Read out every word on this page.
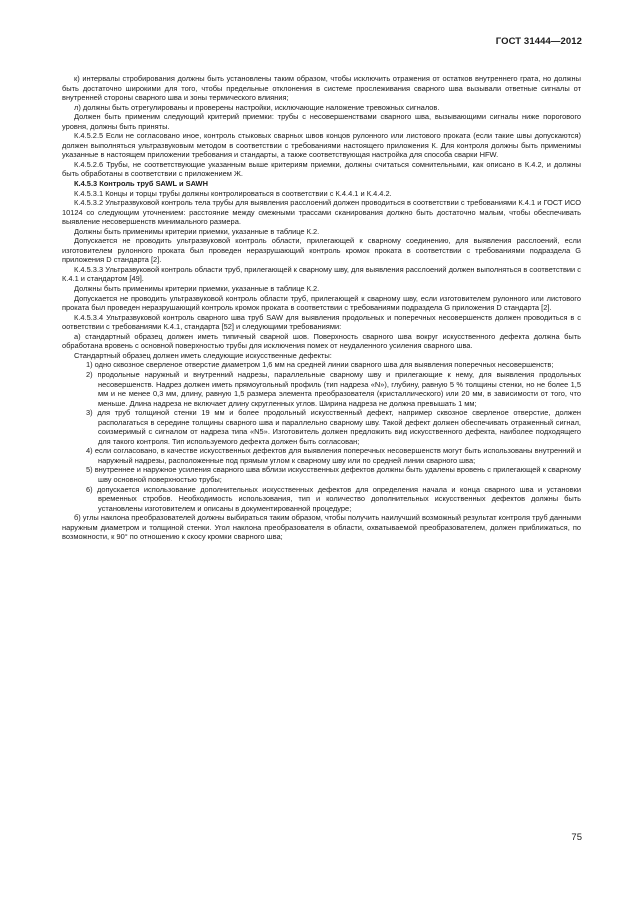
ГОСТ 31444—2012

к) интервалы стробирования должны быть установлены таким образом, чтобы исключить отражения от остатков внутреннего грата, но должны быть достаточно широкими для того, чтобы предельные отклонения в системе прослеживания сварного шва вызывали ответные сигналы от внутренней стороны сварного шва и зоны термического влияния;

л) должны быть отрегулированы и проверены настройки, исключающие наложение тревожных сигналов.

Должен быть применим следующий критерий приемки: трубы с несовершенствами сварного шва, вызывающими сигналы ниже порогового уровня, должны быть приняты.

К.4.5.2.5 Если не согласовано иное, контроль стыковых сварных швов концов рулонного или листового проката (если такие швы допускаются) должен выполняться ультразвуковым методом в соответствии с требованиями настоящего приложения К. Для контроля должны быть применимы указанные в настоящем приложении требования и стандарты, а также соответствующая настройка для способа сварки HFW.

К.4.5.2.6 Трубы, не соответствующие указанным выше критериям приемки, должны считаться сомнительными, как описано в К.4.2, и должны быть обработаны в соответствии с приложением Ж.

К.4.5.3 Контроль труб SAWL и SAWH

К.4.5.3.1 Концы и торцы трубы должны контролироваться в соответствии с К.4.4.1 и К.4.4.2.

К.4.5.3.2 Ультразвуковой контроль тела трубы для выявления расслоений должен проводиться в соответствии с требованиями К.4.1 и ГОСТ ИСО 10124 со следующим уточнением: расстояние между смежными трассами сканирования должно быть достаточно малым, чтобы обеспечивать выявление несовершенств минимального размера.

Должны быть применимы критерии приемки, указанные в таблице К.2.

Допускается не проводить ультразвуковой контроль области, прилегающей к сварному соединению, для выявления расслоений, если изготовителем рулонного проката был проведен неразрушающий контроль кромок проката в соответствии с требованиями подраздела G приложения D стандарта [2].

К.4.5.3.3 Ультразвуковой контроль области труб, прилегающей к сварному шву, для выявления расслоений должен выполняться в соответствии с К.4.1 и стандартом [49].

Должны быть применимы критерии приемки, указанные в таблице К.2.

Допускается не проводить ультразвуковой контроль области труб, прилегающей к сварному шву, если изготовителем рулонного или листового проката был проведен неразрушающий контроль кромок проката в соответствии с требованиями подраздела G приложения D стандарта [2].

К.4.5.3.4 Ультразвуковой контроль сварного шва труб SAW для выявления продольных и поперечных несовершенств должен проводиться в с оответствии с требованиями К.4.1, стандарта [52] и следующими требованиями:

а) стандартный образец должен иметь типичный сварной шов. Поверхность сварного шва вокруг искусственного дефекта должна быть обработана вровень с основной поверхностью трубы для исключения помех от неудаленного усиления сварного шва.

Стандартный образец должен иметь следующие искусственные дефекты:

1) одно сквозное сверленое отверстие диаметром 1,6 мм на средней линии сварного шва для выявления поперечных несовершенств;

2) продольные наружный и внутренний надрезы, параллельные сварному шву и прилегающие к нему, для выявления продольных несовершенств. Надрез должен иметь прямоугольный профиль (тип надреза «N»), глубину, равную 5 % толщины стенки, но не более 1,5 мм и не менее 0,3 мм, длину, равную 1,5 размера элемента преобразователя (кристаллического) или 20 мм, в зависимости от того, что меньше. Длина надреза не включает длину скругленных углов. Ширина надреза не должна превышать 1 мм;

3) для труб толщиной стенки 19 мм и более продольный искусственный дефект, например сквозное сверленое отверстие, должен располагаться в середине толщины сварного шва и параллельно сварному шву. Такой дефект должен обеспечивать отраженный сигнал, соизмеримый с сигналом от надреза типа «N5». Изготовитель должен предложить вид искусственного дефекта, наиболее подходящего для такого контроля. Тип используемого дефекта должен быть согласован;

4) если согласовано, в качестве искусственных дефектов для выявления поперечных несовершенств могут быть использованы внутренний и наружный надрезы, расположенные под прямым углом к сварному шву или по средней линии сварного шва;

5) внутреннее и наружное усиления сварного шва вблизи искусственных дефектов должны быть удалены вровень с прилегающей к сварному шву основной поверхностью трубы;

6) допускается использование дополнительных искусственных дефектов для определения начала и конца сварного шва и установки временных стробов. Необходимость использования, тип и количество дополнительных искусственных дефектов должны быть установлены изготовителем и описаны в документированной процедуре;

б) углы наклона преобразователей должны выбираться таким образом, чтобы получить наилучший возможный результат контроля труб данными наружным диаметром и толщиной стенки. Угол наклона преобразователя в области, охватываемой преобразователем, должен приближаться, по возможности, к 90° по отношению к скосу кромки сварного шва;

75
